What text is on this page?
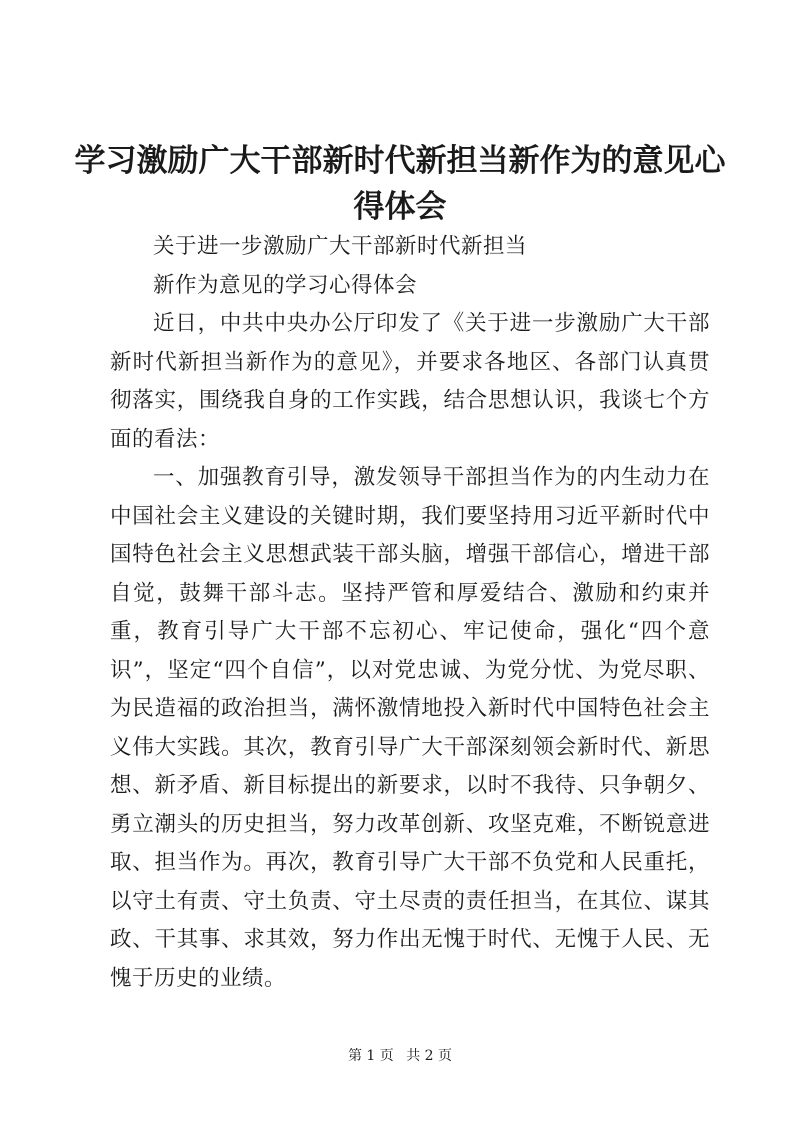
学习激励广大干部新时代新担当新作为的意见心得体会

关于进一步激励广大干部新时代新担当

新作为意见的学习心得体会

近日，中共中央办公厅印发了《关于进一步激励广大干部新时代新担当新作为的意见》，并要求各地区、各部门认真贯彻落实，围绕我自身的工作实践，结合思想认识，我谈七个方面的看法：

一、加强教育引导，激发领导干部担当作为的内生动力在中国社会主义建设的关键时期，我们要坚持用习近平新时代中国特色社会主义思想武装干部头脑，增强干部信心，增进干部自觉，鼓舞干部斗志。坚持严管和厚爱结合、激励和约束并重，教育引导广大干部不忘初心、牢记使命，强化“四个意识”，坚定“四个自信”，以对党忠诚、为党分忧、为党尽职、为民造福的政治担当，满怀激情地投入新时代中国特色社会主义伟大实践。其次，教育引导广大干部深刻领会新时代、新思想、新矛盾、新目标提出的新要求，以时不我待、只争朝夕、勇立潮头的历史担当，努力改革创新、攻坚克难，不断锐意进取、担当作为。再次，教育引导广大干部不负党和人民重托，以守土有责、守土负责、守土尽责的责任担当，在其位、谋其政、干其事、求其效，努力作出无愧于时代、无愧于人民、无愧于历史的业绩。

第 1 页 共 2 页
